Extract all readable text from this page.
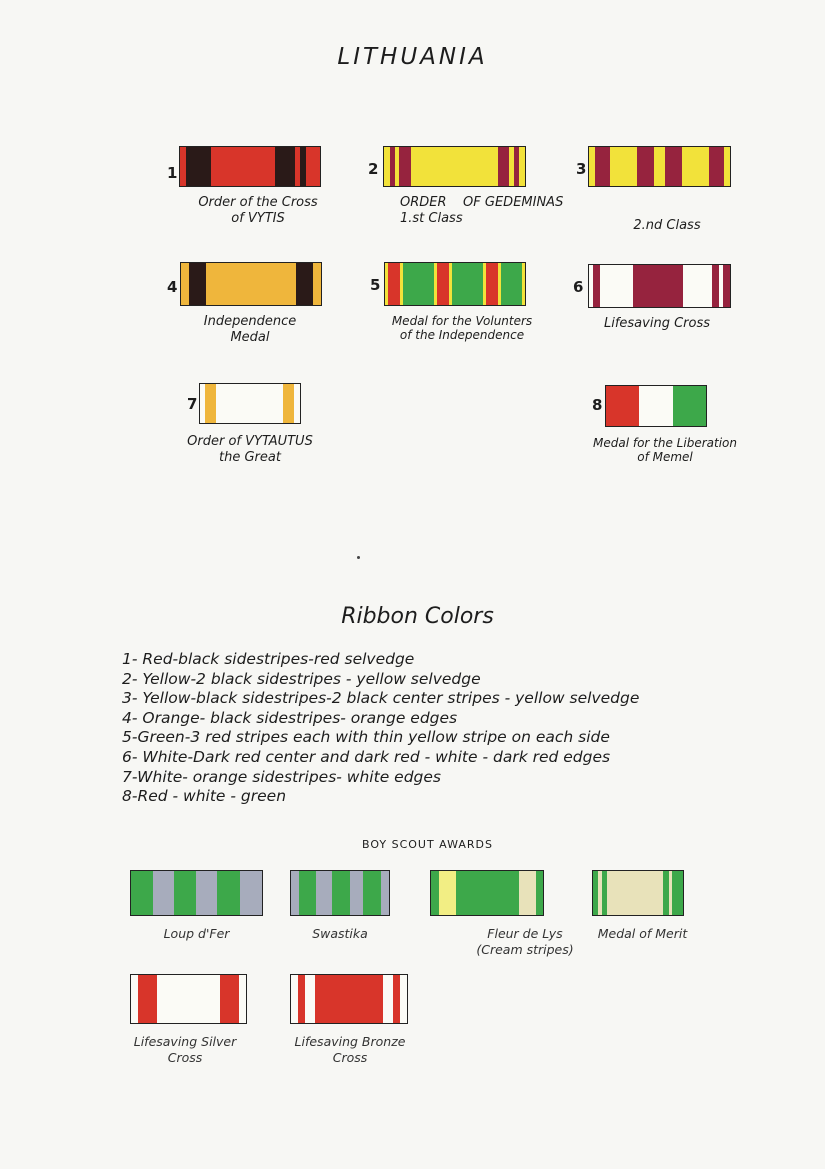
LITHUANIA
1
Order of the Cross
of VYTIS
2
ORDER    OF GEDEMINAS
1.st Class
3
2.nd Class
4
Independence
Medal
5
Medal for the Volunters
of the Independence
6
Lifesaving Cross
7
Order of VYTAUTUS
the Great
8
Medal for the Liberation
of Memel
Ribbon Colors
1- Red-black sidestripes-red selvedge
2- Yellow-2 black sidestripes - yellow selvedge
3- Yellow-black sidestripes-2 black center stripes - yellow selvedge
4- Orange- black sidestripes- orange edges
5-Green-3 red stripes each with thin yellow stripe on each side
6- White-Dark red center and dark red - white - dark red edges
7-White- orange sidestripes- white edges
8-Red - white - green
BOY SCOUT AWARDS
Loup d'Fer	Swastika	Fleur de Lys
(Cream stripes)
Medal of Merit
Lifesaving Silver
Cross
Lifesaving Bronze
Cross
